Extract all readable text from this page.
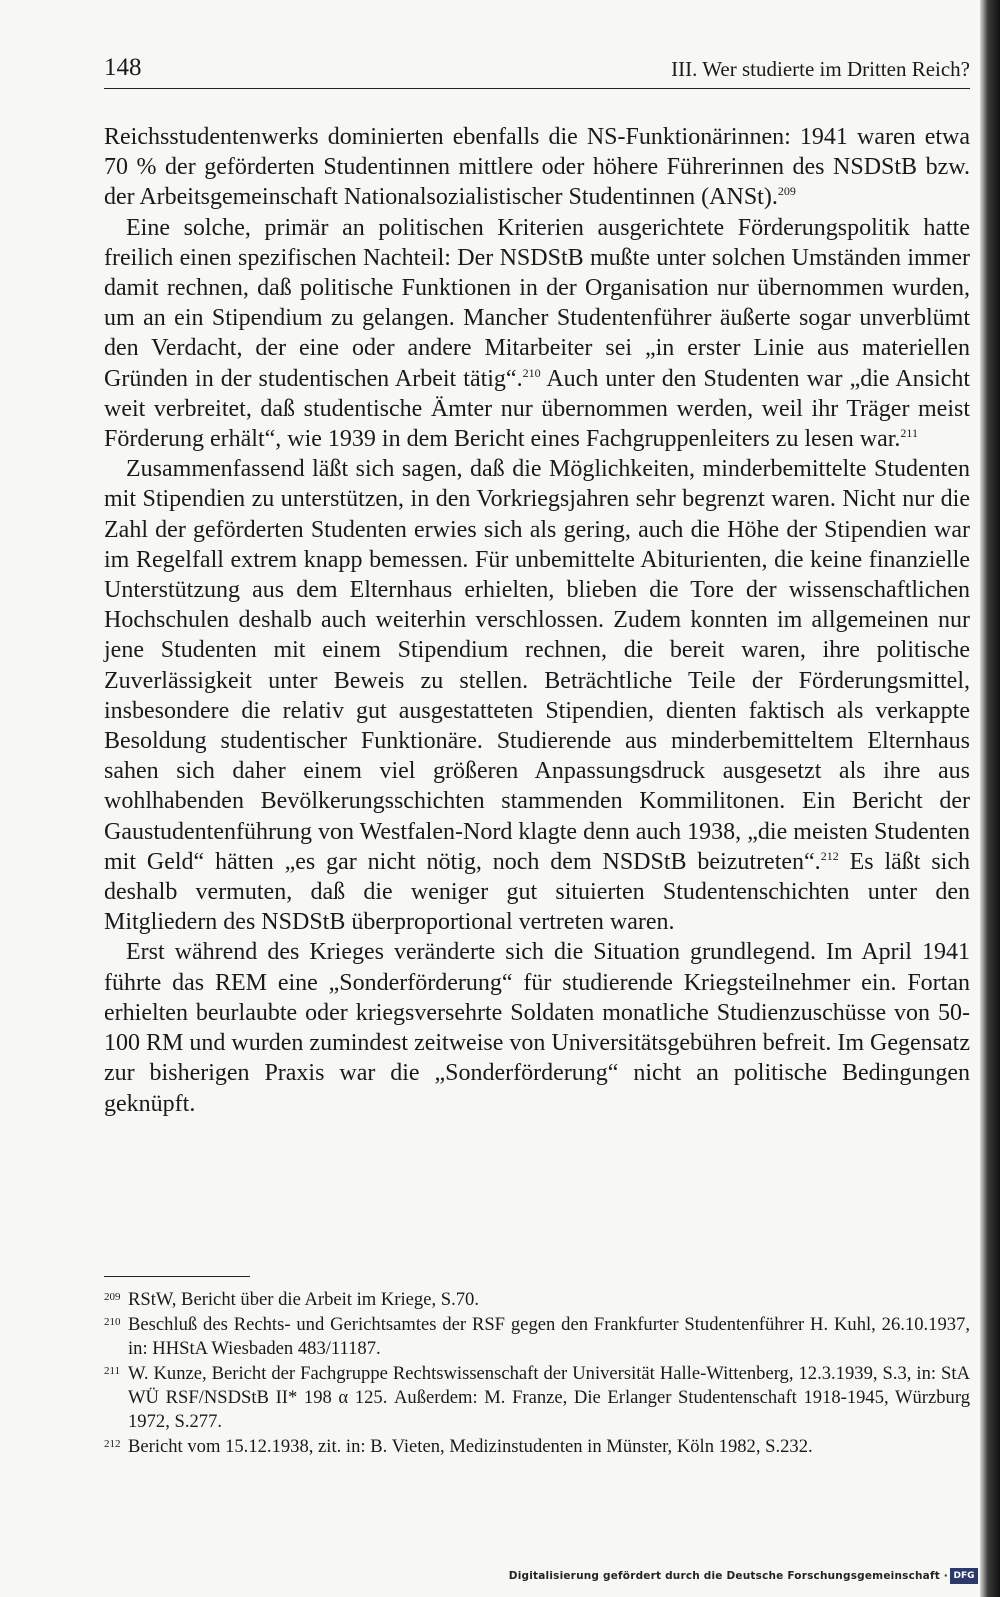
148	III. Wer studierte im Dritten Reich?

Reichsstudentenwerks dominierten ebenfalls die NS-Funktionärinnen: 1941 waren etwa 70 % der geförderten Studentinnen mittlere oder höhere Führerinnen des NSDStB bzw. der Arbeitsgemeinschaft Nationalsozialistischer Studentinnen (ANSt).$^{209}$

Eine solche, primär an politischen Kriterien ausgerichtete Förderungspolitik hatte freilich einen spezifischen Nachteil: Der NSDStB mußte unter solchen Umständen immer damit rechnen, daß politische Funktionen in der Organisation nur übernommen wurden, um an ein Stipendium zu gelangen. Mancher Studentenführer äußerte sogar unverblümt den Verdacht, der eine oder andere Mitarbeiter sei „in erster Linie aus materiellen Gründen in der studentischen Arbeit tätig“.$^{210}$ Auch unter den Studenten war „die Ansicht weit verbreitet, daß studentische Ämter nur übernommen werden, weil ihr Träger meist Förderung erhält“, wie 1939 in dem Bericht eines Fachgruppenleiters zu lesen war.$^{211}$

Zusammenfassend läßt sich sagen, daß die Möglichkeiten, minderbemittelte Studenten mit Stipendien zu unterstützen, in den Vorkriegsjahren sehr begrenzt waren. Nicht nur die Zahl der geförderten Studenten erwies sich als gering, auch die Höhe der Stipendien war im Regelfall extrem knapp bemessen. Für unbemittelte Abiturienten, die keine finanzielle Unterstützung aus dem Elternhaus erhielten, blieben die Tore der wissenschaftlichen Hochschulen deshalb auch weiterhin verschlossen. Zudem konnten im allgemeinen nur jene Studenten mit einem Stipendium rechnen, die bereit waren, ihre politische Zuverlässigkeit unter Beweis zu stellen. Beträchtliche Teile der Förderungsmittel, insbesondere die relativ gut ausgestatteten Stipendien, dienten faktisch als verkappte Besoldung studentischer Funktionäre. Studierende aus minderbemitteltem Elternhaus sahen sich daher einem viel größeren Anpassungsdruck ausgesetzt als ihre aus wohlhabenden Bevölkerungsschichten stammenden Kommilitonen. Ein Bericht der Gaustudentenführung von Westfalen-Nord klagte denn auch 1938, „die meisten Studenten mit Geld“ hätten „es gar nicht nötig, noch dem NSDStB beizutreten“.$^{212}$ Es läßt sich deshalb vermuten, daß die weniger gut situierten Studentenschichten unter den Mitgliedern des NSDStB überproportional vertreten waren.

Erst während des Krieges veränderte sich die Situation grundlegend. Im April 1941 führte das REM eine „Sonderförderung“ für studierende Kriegsteilnehmer ein. Fortan erhielten beurlaubte oder kriegsversehrte Soldaten monatliche Studienzuschüsse von 50-100 RM und wurden zumindest zeitweise von Universitätsgebühren befreit. Im Gegensatz zur bisherigen Praxis war die „Sonderförderung“ nicht an politische Bedingungen geknüpft.

209 RStW, Bericht über die Arbeit im Kriege, S.70.
210 Beschluß des Rechts- und Gerichtsamtes der RSF gegen den Frankfurter Studentenführer H. Kuhl, 26.10.1937, in: HHStA Wiesbaden 483/11187.
211 W. Kunze, Bericht der Fachgruppe Rechtswissenschaft der Universität Halle-Wittenberg, 12.3.1939, S.3, in: StA WÜ RSF/NSDStB II* 198 α 125. Außerdem: M. Franze, Die Erlanger Studentenschaft 1918-1945, Würzburg 1972, S.277.
212 Bericht vom 15.12.1938, zit. in: B. Vieten, Medizinstudenten in Münster, Köln 1982, S.232.
Digitalisierung gefördert durch die Deutsche Forschungsgemeinschaft · DFG
